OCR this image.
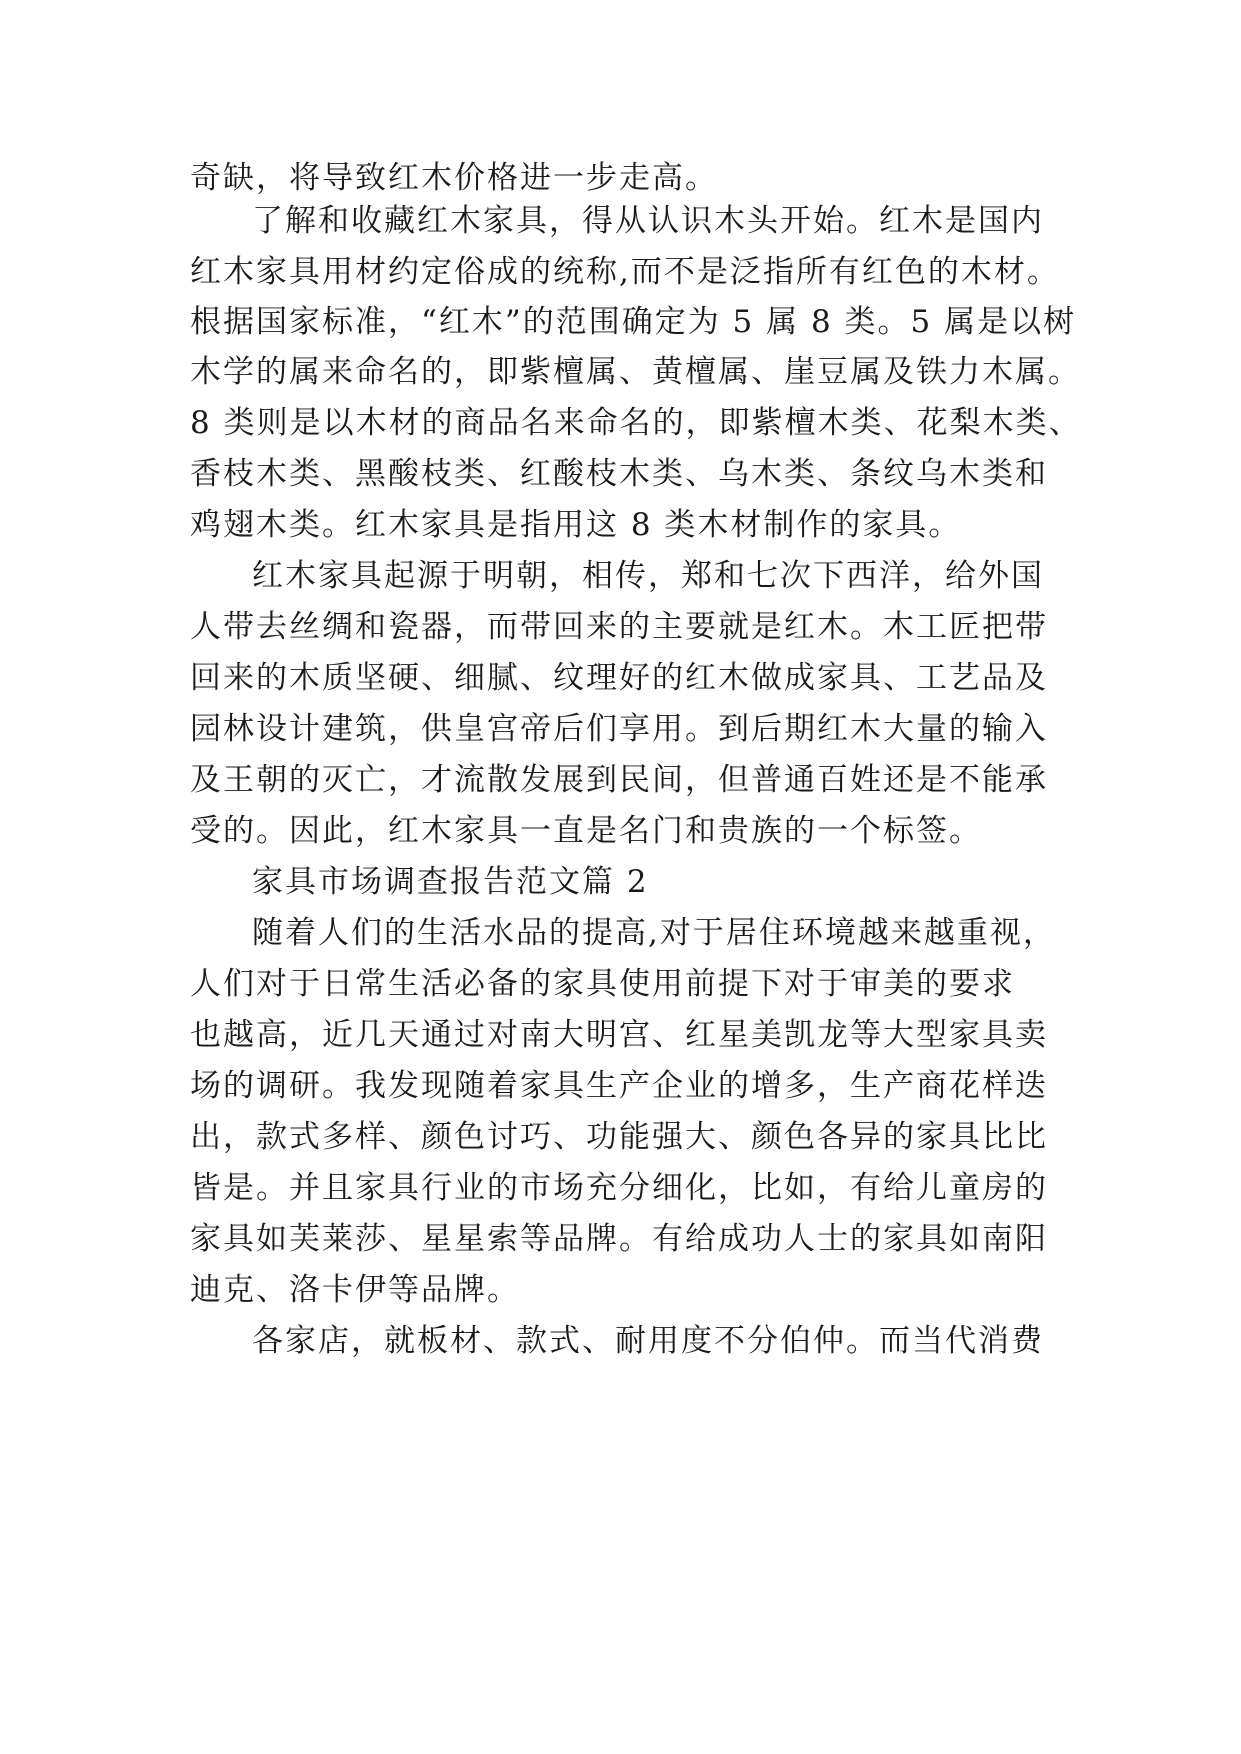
奇缺，将导致红木价格进一步走高。
了解和收藏红木家具，得从认识木头开始。红木是国内
红木家具用材约定俗成的统称,而不是泛指所有红色的木材。
根据国家标准，“红木”的范围确定为 5 属 8 类。5 属是以树
木学的属来命名的，即紫檀属、黄檀属、崖豆属及铁力木属。
8 类则是以木材的商品名来命名的，即紫檀木类、花梨木类、
香枝木类、黑酸枝类、红酸枝木类、乌木类、条纹乌木类和
鸡翅木类。红木家具是指用这 8 类木材制作的家具。
红木家具起源于明朝，相传，郑和七次下西洋，给外国
人带去丝绸和瓷器，而带回来的主要就是红木。木工匠把带
回来的木质坚硬、细腻、纹理好的红木做成家具、工艺品及
园林设计建筑，供皇宫帝后们享用。到后期红木大量的输入
及王朝的灭亡，才流散发展到民间，但普通百姓还是不能承
受的。因此，红木家具一直是名门和贵族的一个标签。
家具市场调查报告范文篇 2
随着人们的生活水品的提高,对于居住环境越来越重视，
人们对于日常生活必备的家具使用前提下对于审美的要求
也越高，近几天通过对南大明宫、红星美凯龙等大型家具卖
场的调研。我发现随着家具生产企业的增多，生产商花样迭
出，款式多样、颜色讨巧、功能强大、颜色各异的家具比比
皆是。并且家具行业的市场充分细化，比如，有给儿童房的
家具如芙莱莎、星星索等品牌。有给成功人士的家具如南阳
迪克、洛卡伊等品牌。
各家店，就板材、款式、耐用度不分伯仲。而当代消费
